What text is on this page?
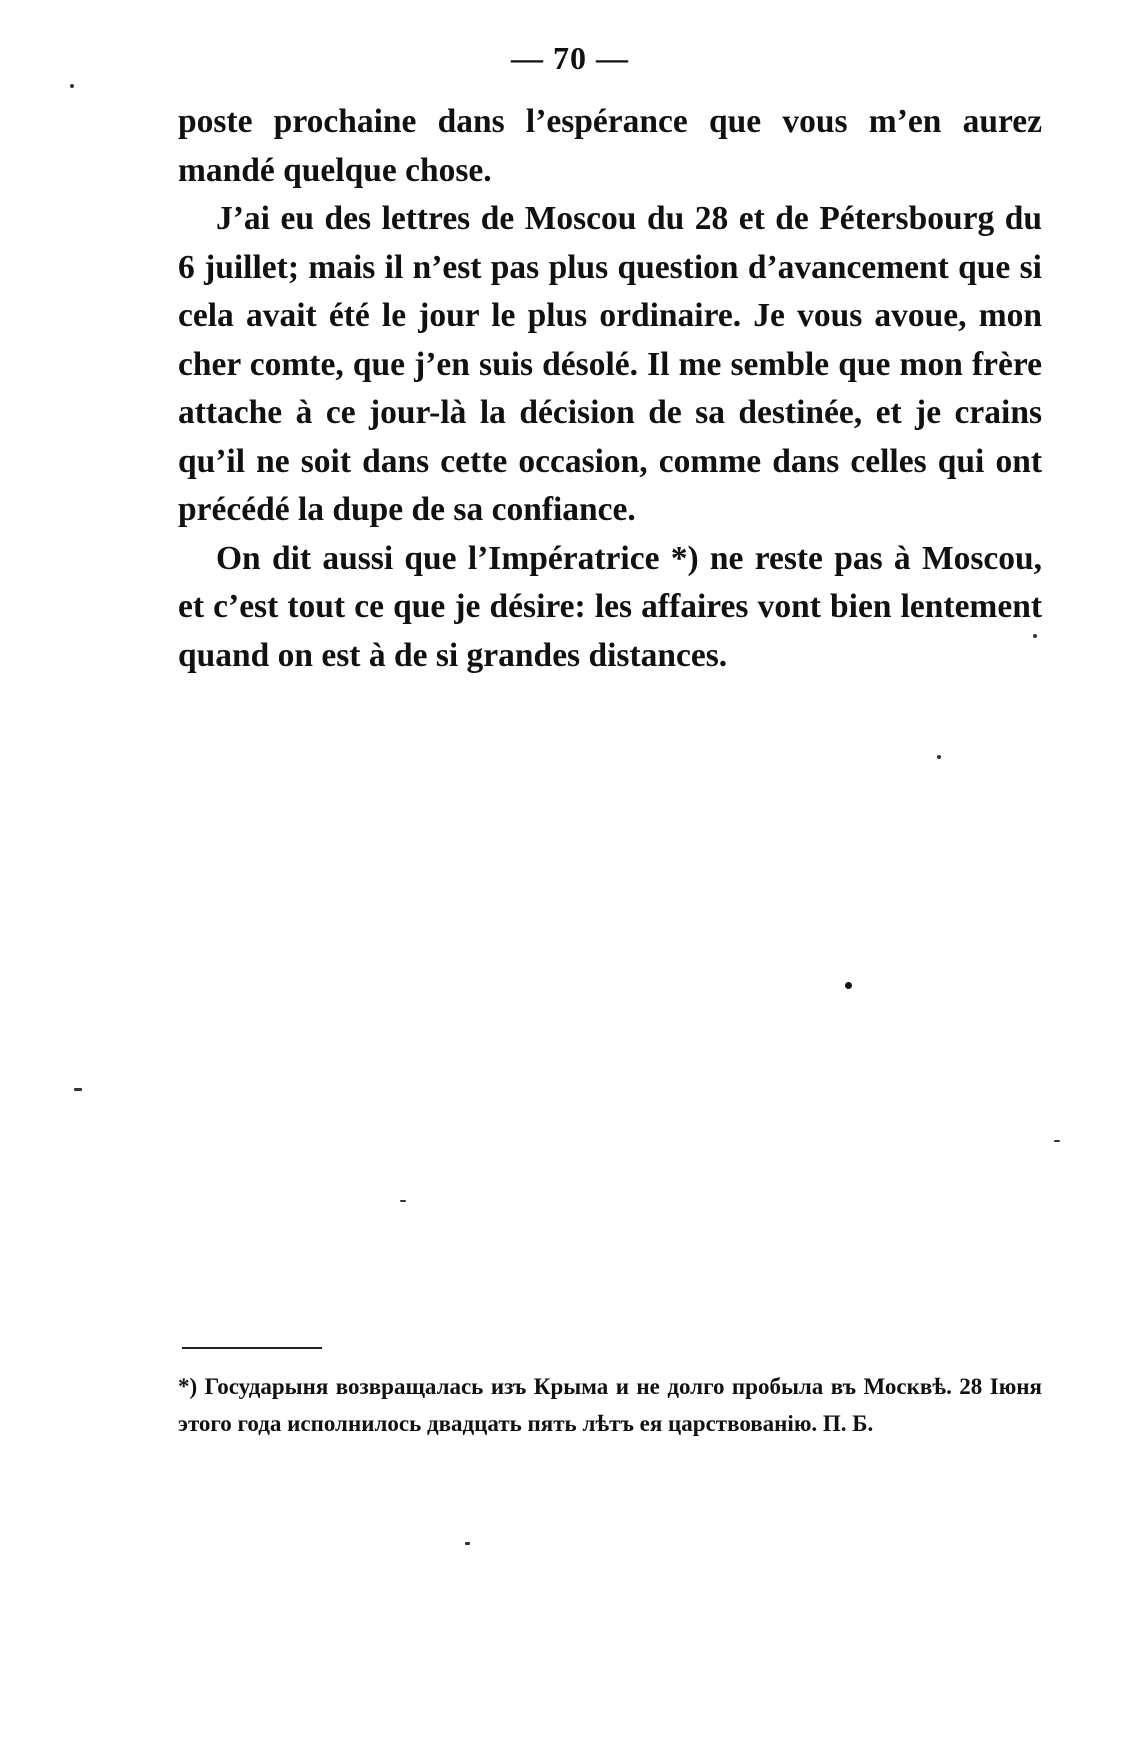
— 70 —

poste prochaine dans l’espérance que vous m’en aurez mandé quelque chose.

J’ai eu des lettres de Moscou du 28 et de Pétersbourg du 6 juillet; mais il n’est pas plus question d’avancement que si cela avait été le jour le plus ordinaire. Je vous avoue, mon cher comte, que j’en suis désolé. Il me semble que mon frère attache à ce jour-là la décision de sa destinée, et je crains qu’il ne soit dans cette occasion, comme dans celles qui ont précédé la dupe de sa confiance.

On dit aussi que l’Impératrice *) ne reste pas à Moscou, et c’est tout ce que je désire: les affaires vont bien lentement quand on est à de si grandes distances.

*) Государыня возвращалась изъ Крыма и не долго пробыла въ Москвѣ. 28 Іюня этого года исполнилось двадцать пять лѣтъ ея царствованію. П. Б.
